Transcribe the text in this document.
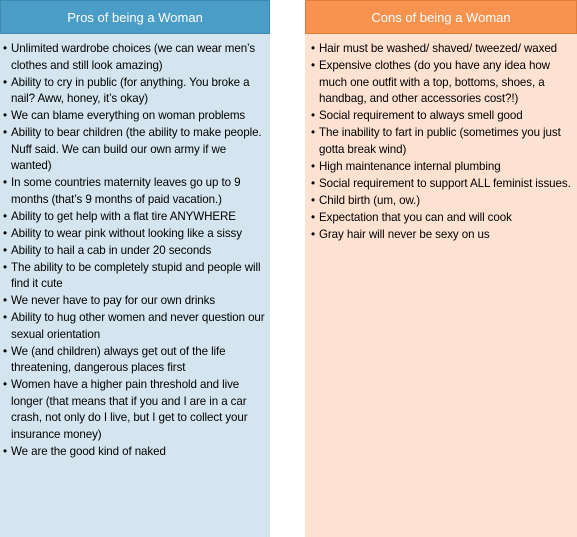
Pros of being a Woman
• Unlimited wardrobe choices (we can wear men’s clothes and still look amazing)
• Ability to cry in public (for anything. You broke a nail? Aww, honey, it’s okay)
• We can blame everything on woman problems
• Ability to bear children (the ability to make people. Nuff said. We can build our own army if we wanted)
• In some countries maternity leaves go up to 9 months (that’s 9 months of paid vacation.)
• Ability to get help with a flat tire ANYWHERE
• Ability to wear pink without looking like a sissy
• Ability to hail a cab in under 20 seconds
• The ability to be completely stupid and people will find it cute
• We never have to pay for our own drinks
• Ability to hug other women and never question our sexual orientation
• We (and children) always get out of the life threatening, dangerous places first
• Women have a higher pain threshold and live longer (that means that if you and I are in a car crash, not only do I live, but I get to collect your insurance money)
• We are the good kind of naked
Cons of being a Woman
• Hair must be washed/ shaved/ tweezed/ waxed
• Expensive clothes (do you have any idea how much one outfit with a top, bottoms, shoes, a handbag, and other accessories cost?!)
• Social requirement to always smell good
• The inability to fart in public (sometimes you just gotta break wind)
• High maintenance internal plumbing
• Social requirement to support ALL feminist issues.
• Child birth (um, ow.)
• Expectation that you can and will cook
• Gray hair will never be sexy on us
